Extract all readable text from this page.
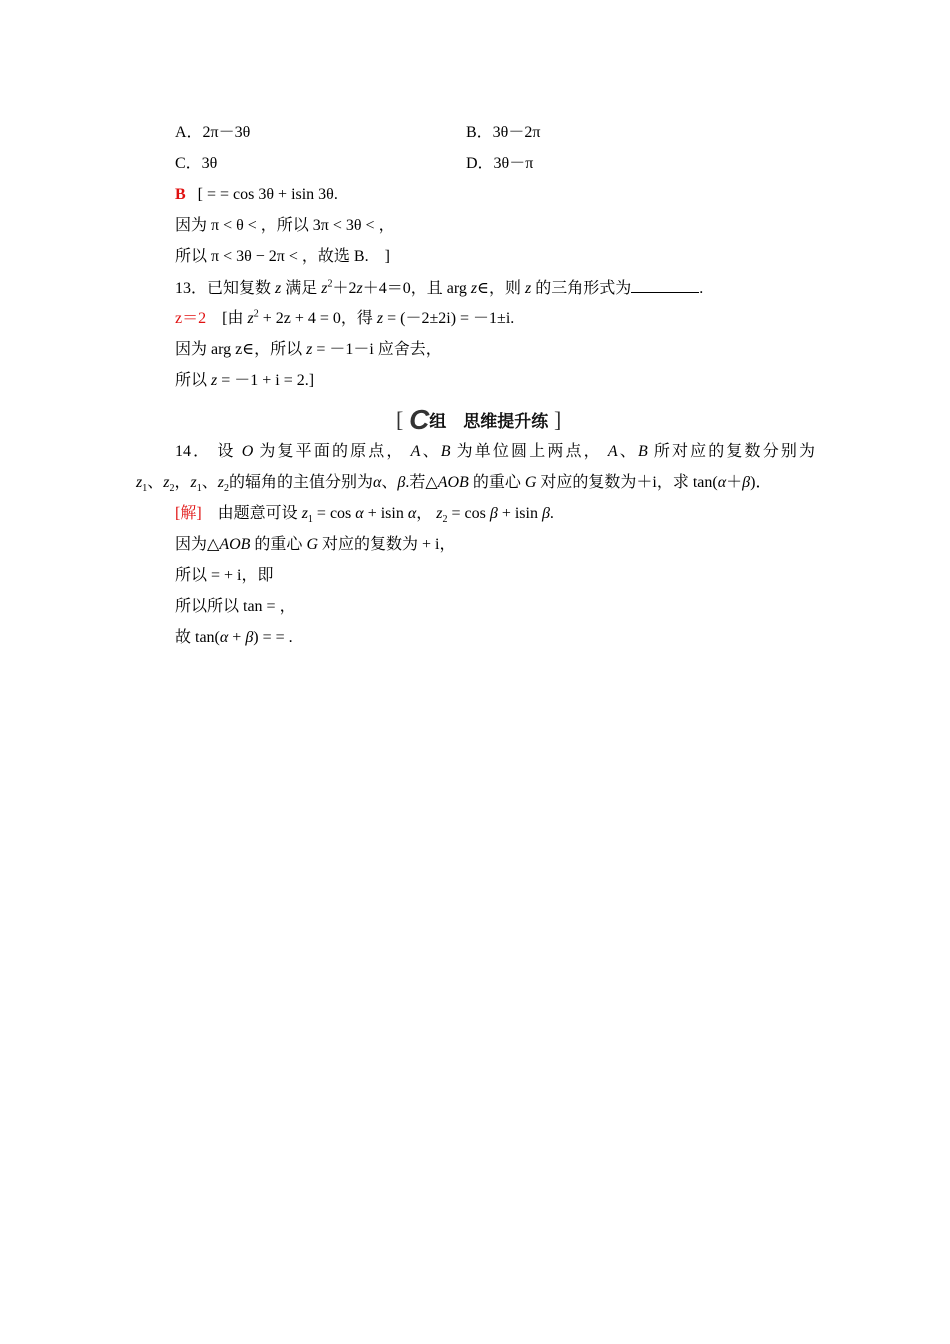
A．2π－3θ	B．3θ－2π
C．3θ	D．3θ－π
B [ = = cos 3θ + isin 3θ.
因为 π < θ < ，所以 3π < 3θ < ，
所以 π < 3θ − 2π < ，故选 B.　]
13．已知复数 z 满足 $z^2+2z+4=0$，且 arg z∈，则 z 的三角形式为	.
z＝2 [由 $z^2 + 2z + 4 = 0$，得 z = (－2±2i) = －1±i.
因为 arg z∈，所以 z = －1－i 应舍去，
所以 z = －1 + i = 2.]
[ C组　思维提升练 ]
14． 设 O 为复平面的原点， A、B 为单位圆上两点， A、B 所对应的复数分别为
$z_1$、$z_2$，$z_1$、$z_2$的辐角的主值分别为α、β.若△AOB 的重心 G 对应的复数为＋i，求 tan(α＋β)．
[解] 由题意可设 $z_1 = \cos \alpha + isin$ α， $z_2 = \cos \beta + isin$ β.
因为△AOB 的重心 G 对应的复数为 + i，
所以 = + i，即
所以所以 tan = ，
故 tan(α + β) = = .
